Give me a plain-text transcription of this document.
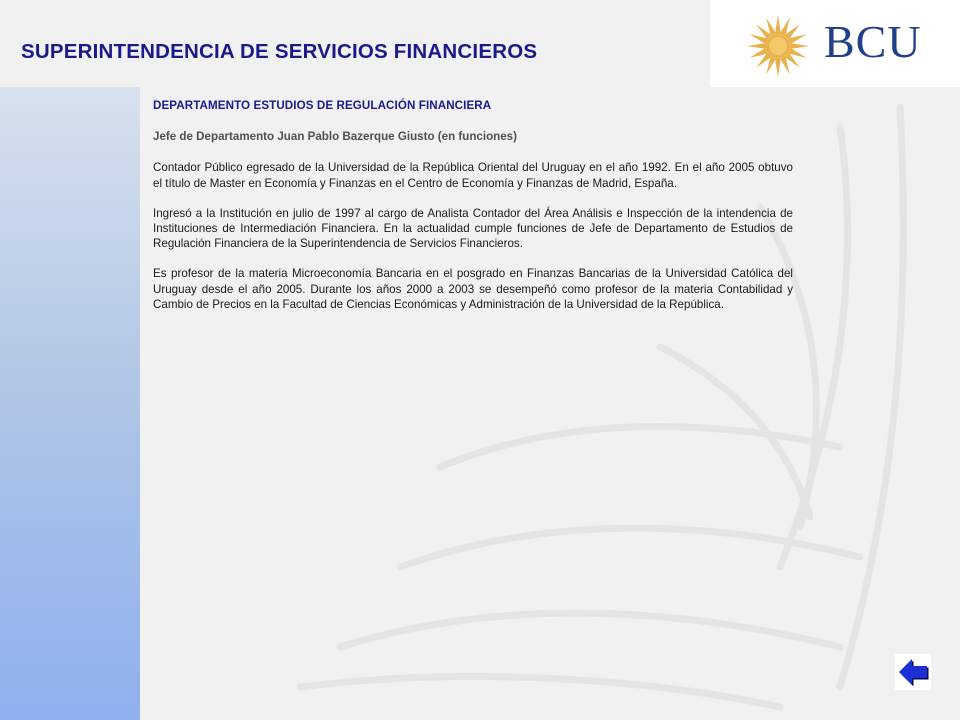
SUPERINTENDENCIA DE SERVICIOS FINANCIEROS	BCU
DEPARTAMENTO ESTUDIOS DE REGULACIÓN FINANCIERA
Jefe de Departamento Juan Pablo Bazerque Giusto (en funciones)

Contador Público egresado de la Universidad de la República Oriental del Uruguay en el año 1992. En el año 2005 obtuvo el título de Master en Economía y Finanzas en el Centro de Economía y Finanzas de Madrid, España.

Ingresó a la Institución en julio de 1997 al cargo de Analista Contador del Área Análisis e Inspección de la intendencia de Instituciones de Intermediación Financiera. En la actualidad cumple funciones de Jefe de Departamento de Estudios de Regulación Financiera de la Superintendencia de Servicios Financieros.

Es profesor de la materia Microeconomía Bancaria en el posgrado en Finanzas Bancarias de la Universidad Católica del Uruguay desde el año 2005. Durante los años 2000 a 2003 se desempeñó como profesor de la materia Contabilidad y Cambio de Precios en la Facultad de Ciencias Económicas y Administración de la Universidad de la República.
